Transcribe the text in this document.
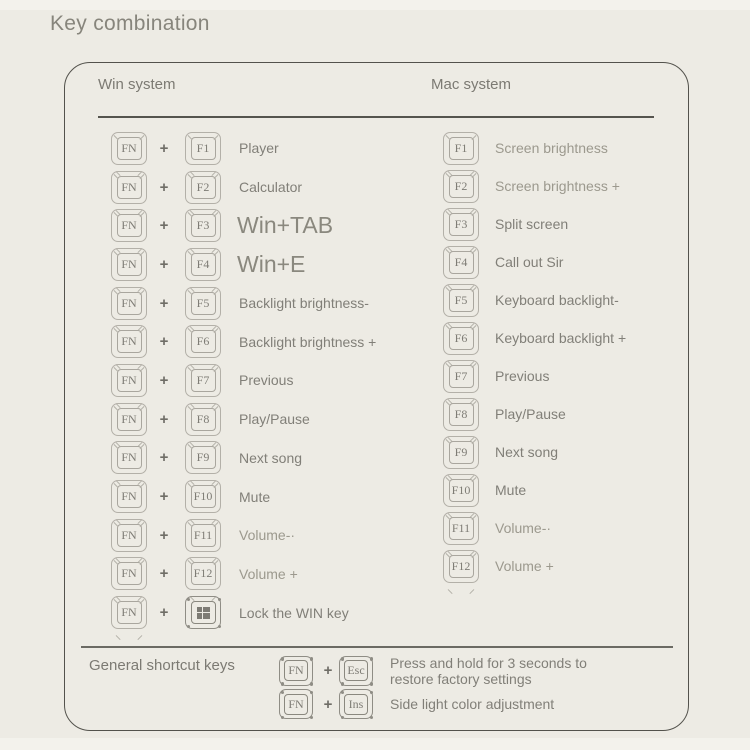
Key combination
Win system	Mac system
FN + F1 Player
FN + F2 Calculator
FN + F3 Win+TAB
FN + F4 Win+E
FN + F5 Backlight brightness-
FN + F6 Backlight brightness +
FN + F7 Previous
FN + F8 Play/Pause
FN + F9 Next song
FN + F10 Mute
FN + F11 Volume-·
FN + F12 Volume +
FN +	Lock the WIN key
F1 Screen brightness
F2 Screen brightness +
F3 Split screen
F4 Call out Sir
F5 Keyboard backlight-
F6 Keyboard backlight +
F7 Previous
F8 Play/Pause
F9 Next song
F10 Mute
F11 Volume-·
F12 Volume +
General shortcut keys	FN + Esc Press and hold for 3 seconds to restore factory settings
FN + Ins Side light color adjustment
